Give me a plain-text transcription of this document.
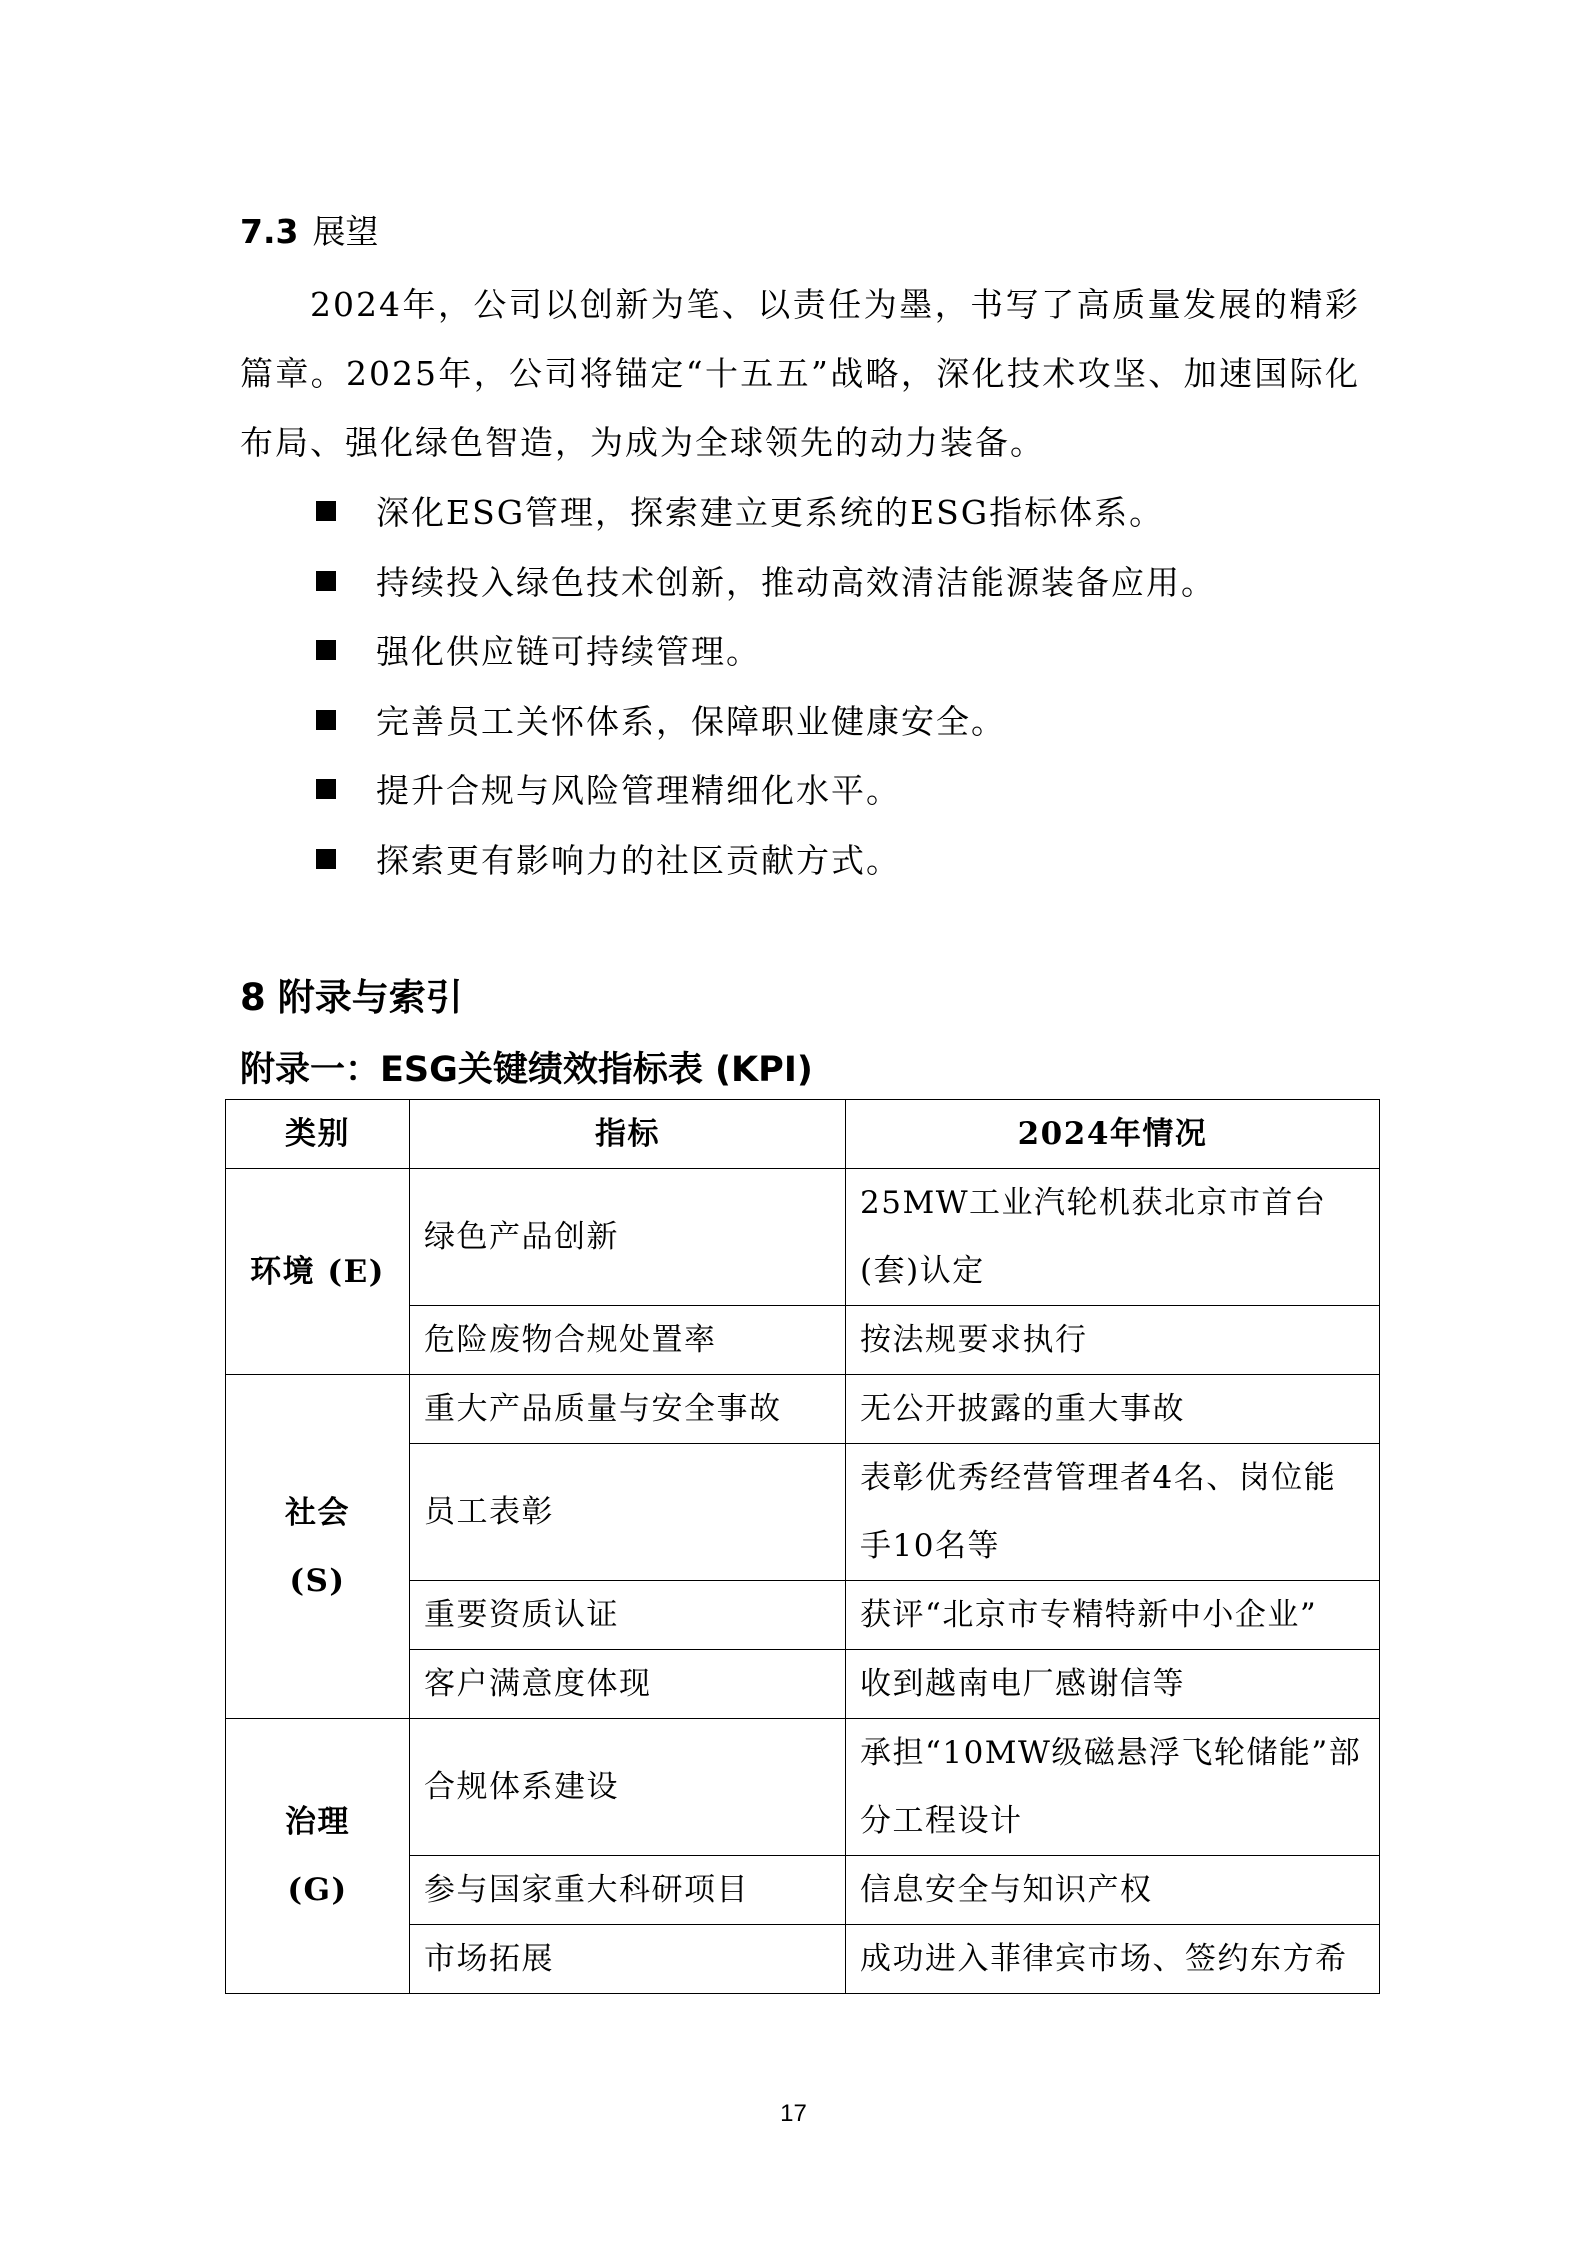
7.3 展望

2024年，公司以创新为笔、以责任为墨，书写了高质量发展的精彩篇章。2025年，公司将锚定“十五五”战略，深化技术攻坚、加速国际化布局、强化绿色智造，为成为全球领先的动力装备。

深化ESG管理，探索建立更系统的ESG指标体系。
持续投入绿色技术创新，推动高效清洁能源装备应用。
强化供应链可持续管理。
完善员工关怀体系，保障职业健康安全。
提升合规与风险管理精细化水平。
探索更有影响力的社区贡献方式。
8 附录与索引
附录一：ESG关键绩效指标表 (KPI)
类别	指标	2024年情况

环境 (E)	绿色产品创新	25MW工业汽轮机获北京市首台(套)认定
	危险废物合规处置率	按法规要求执行

社会
(S)	重大产品质量与安全事故	无公开披露的重大事故
	员工表彰	表彰优秀经营管理者4名、岗位能手10名等
	重要资质认证	获评“北京市专精特新中小企业”
	客户满意度体现	收到越南电厂感谢信等

治理
(G)	合规体系建设	承担“10MW级磁悬浮飞轮储能”部分工程设计
	参与国家重大科研项目	信息安全与知识产权
	市场拓展	成功进入菲律宾市场、签约东方希
17
